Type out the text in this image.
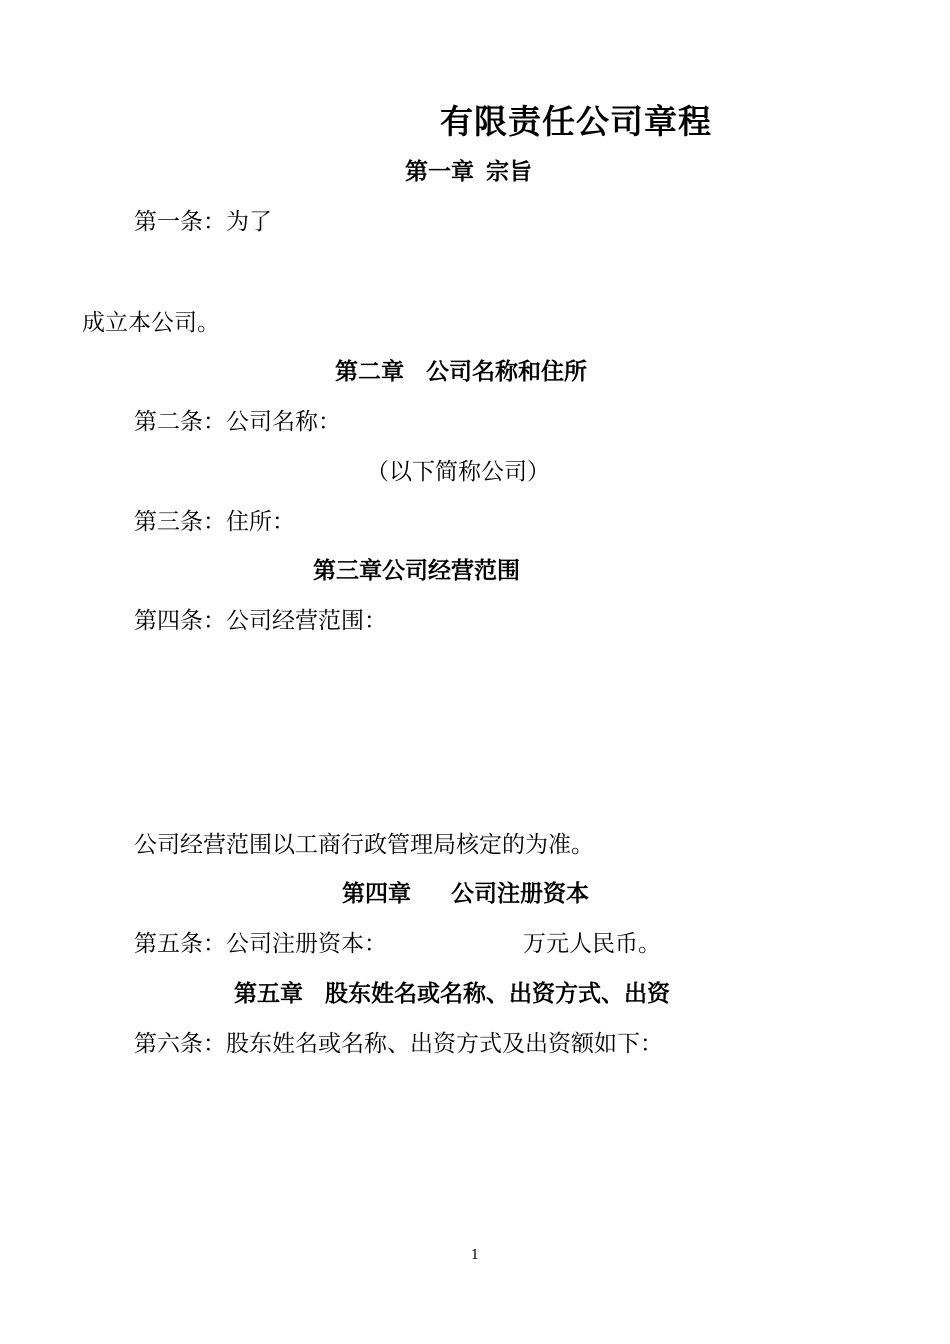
有限责任公司章程
第一章 宗旨
第一条：为了
成立本公司。
第二章 公司名称和住所
第二条：公司名称：
（以下简称公司）
第三条：住所：
第三章公司经营范围
第四条：公司经营范围：
公司经营范围以工商行政管理局核定的为准。
第四章 公司注册资本
第五条：公司注册资本：	万元人民币。
第五章 股东姓名或名称、出资方式、出资
第六条：股东姓名或名称、出资方式及出资额如下：
1
